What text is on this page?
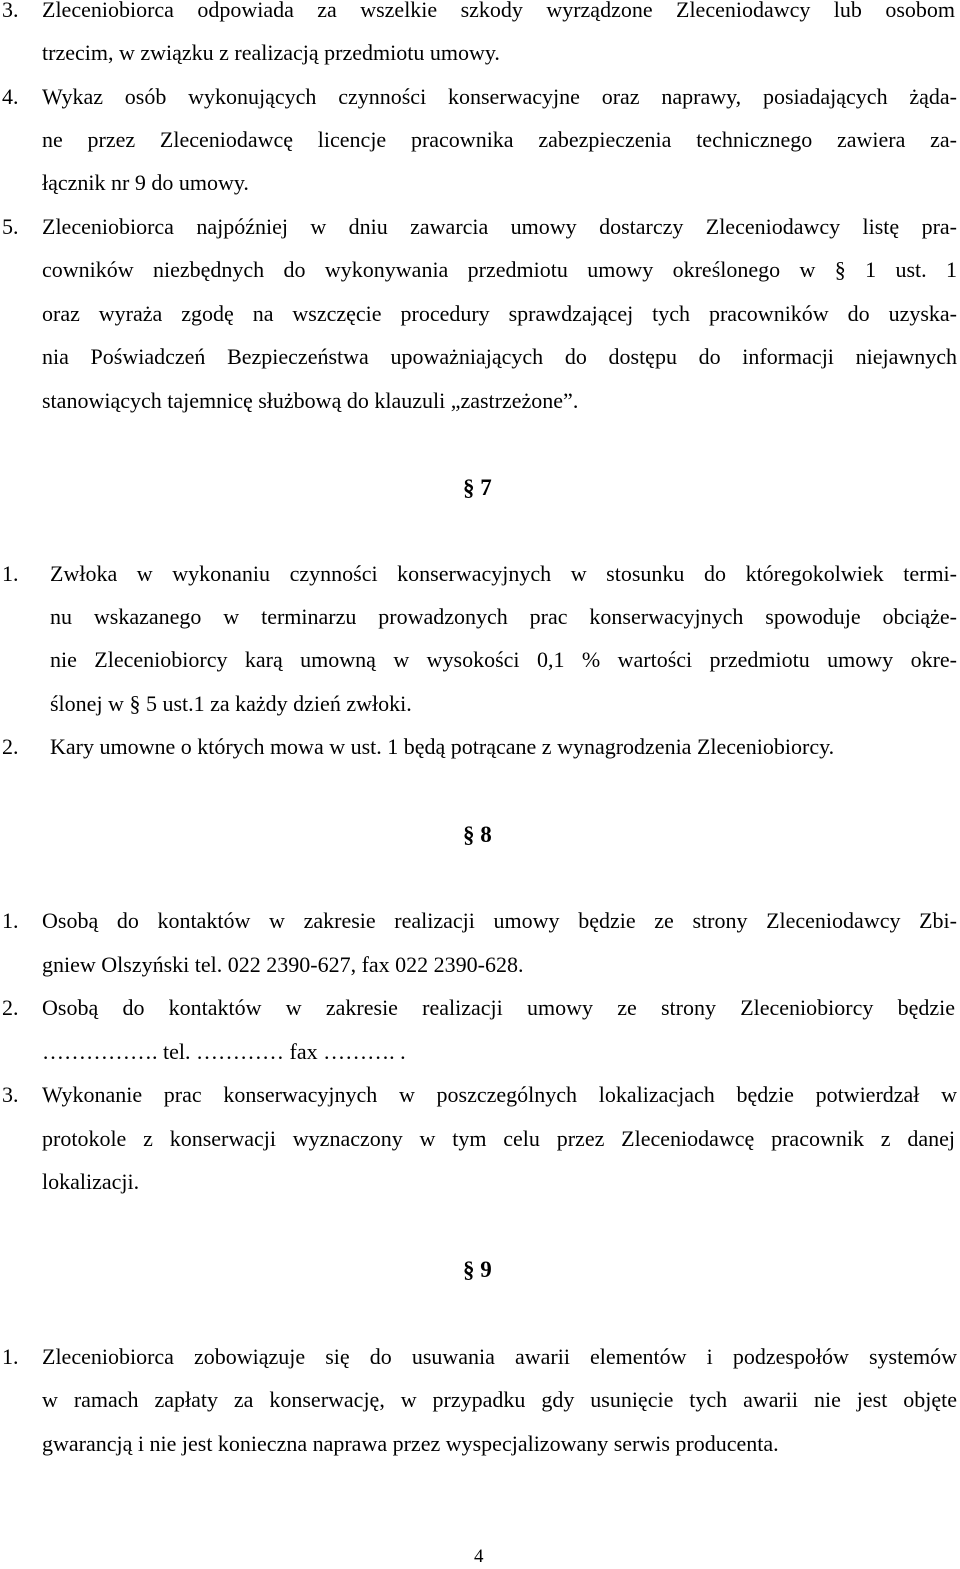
3. Zleceniobiorca odpowiada za wszelkie szkody wyrządzone Zleceniodawcy lub osobom
trzecim, w związku z realizacją przedmiotu umowy.
4. Wykaz osób wykonujących czynności konserwacyjne oraz naprawy, posiadających żąda-
ne przez Zleceniodawcę licencje pracownika zabezpieczenia technicznego zawiera za-
łącznik nr 9 do umowy.
5. Zleceniobiorca najpóźniej w dniu zawarcia umowy dostarczy Zleceniodawcy listę pra-
cowników niezbędnych do wykonywania przedmiotu umowy określonego w § 1 ust. 1
oraz wyraża zgodę na wszczęcie procedury sprawdzającej tych pracowników do uzyska-
nia Poświadczeń Bezpieczeństwa upoważniających do dostępu do informacji niejawnych
stanowiących tajemnicę służbową do klauzuli „zastrzeżone”.
§ 7
1. Zwłoka w wykonaniu czynności konserwacyjnych w stosunku do któregokolwiek termi-
nu wskazanego w terminarzu prowadzonych prac konserwacyjnych spowoduje obciąże-
nie Zleceniobiorcy karą umowną w wysokości 0,1 % wartości przedmiotu umowy okre-
ślonej w § 5 ust.1 za każdy dzień zwłoki.
2. Kary umowne o których mowa w ust. 1 będą potrącane z wynagrodzenia Zleceniobiorcy.
§ 8
1. Osobą do kontaktów w zakresie realizacji umowy będzie ze strony Zleceniodawcy Zbi-
gniew Olszyński tel. 022 2390-627, fax 022 2390-628.
2. Osobą do kontaktów w zakresie realizacji umowy ze strony Zleceniobiorcy będzie
……………. tel. ………… fax ………. .
3. Wykonanie prac konserwacyjnych w poszczególnych lokalizacjach będzie potwierdzał w
protokole z konserwacji wyznaczony w tym celu przez Zleceniodawcę pracownik z danej
lokalizacji.
§ 9
1. Zleceniobiorca zobowiązuje się do usuwania awarii elementów i podzespołów systemów
w ramach zapłaty za konserwację, w przypadku gdy usunięcie tych awarii nie jest objęte
gwarancją i nie jest konieczna naprawa przez wyspecjalizowany serwis producenta.
4
